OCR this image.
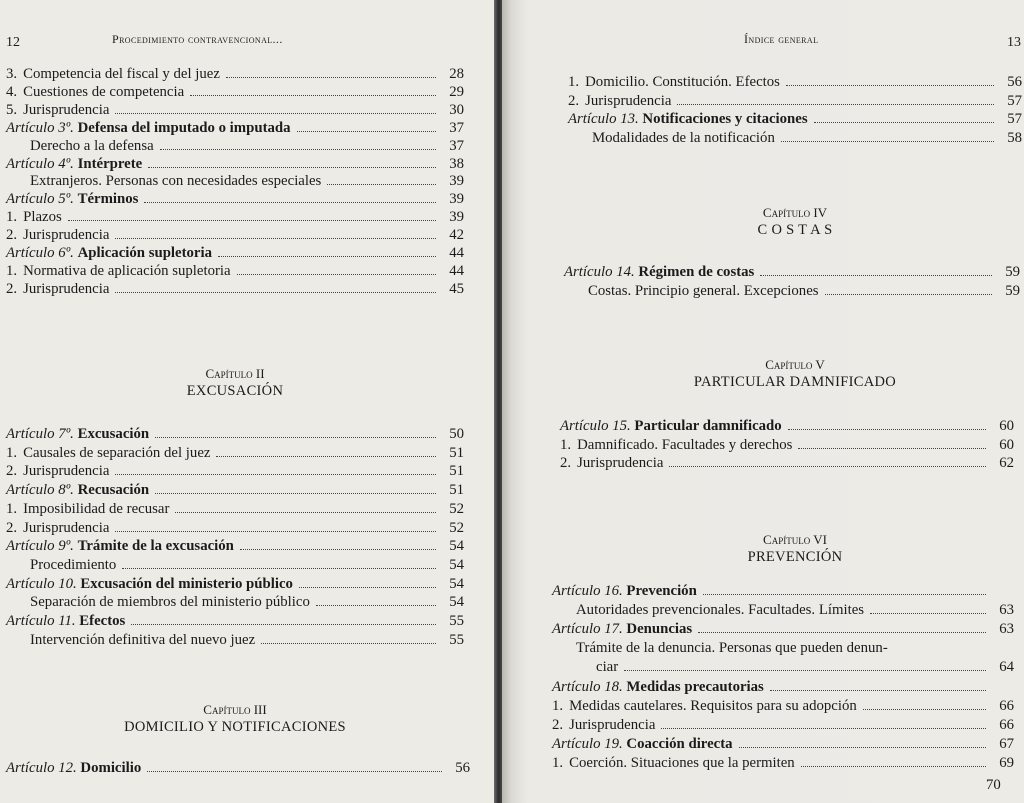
12	Procedimiento contravencional...
3. Competencia del fiscal y del juez	28
4. Cuestiones de competencia	29
5. Jurisprudencia	30
Artículo 3º. Defensa del imputado o imputada	37
Derecho a la defensa	37
Artículo 4º. Intérprete	38
Extranjeros. Personas con necesidades especiales	39
Artículo 5º. Términos	39
1. Plazos	39
2. Jurisprudencia	42
Artículo 6º. Aplicación supletoria	44
1. Normativa de aplicación supletoria	44
2. Jurisprudencia	45
Capítulo II
EXCUSACIÓN
Artículo 7º. Excusación	50
1. Causales de separación del juez	51
2. Jurisprudencia	51
Artículo 8º. Recusación	51
1. Imposibilidad de recusar	52
2. Jurisprudencia	52
Artículo 9º. Trámite de la excusación	54
Procedimiento	54
Artículo 10. Excusación del ministerio público	54
Separación de miembros del ministerio público	54
Artículo 11. Efectos	55
Intervención definitiva del nuevo juez	55
Capítulo III
DOMICILIO Y NOTIFICACIONES
Artículo 12. Domicilio	56
Índice general	13
1. Domicilio. Constitución. Efectos	56
2. Jurisprudencia	57
Artículo 13. Notificaciones y citaciones	57
Modalidades de la notificación	58
Capítulo IV
C O S T A S
Artículo 14. Régimen de costas	59
Costas. Principio general. Excepciones	59
Capítulo V
PARTICULAR DAMNIFICADO
Artículo 15. Particular damnificado	60
1. Damnificado. Facultades y derechos	60
2. Jurisprudencia	62
Capítulo VI
PREVENCIÓN
Artículo 16. Prevención
Autoridades prevencionales. Facultades. Límites	63
Artículo 17. Denuncias	63
Trámite de la denuncia. Personas que pueden denun-
ciar	64
Artículo 18. Medidas precautorias
1. Medidas cautelares. Requisitos para su adopción	66
2. Jurisprudencia	66
Artículo 19. Coacción directa	67
1. Coerción. Situaciones que la permiten	69
70
